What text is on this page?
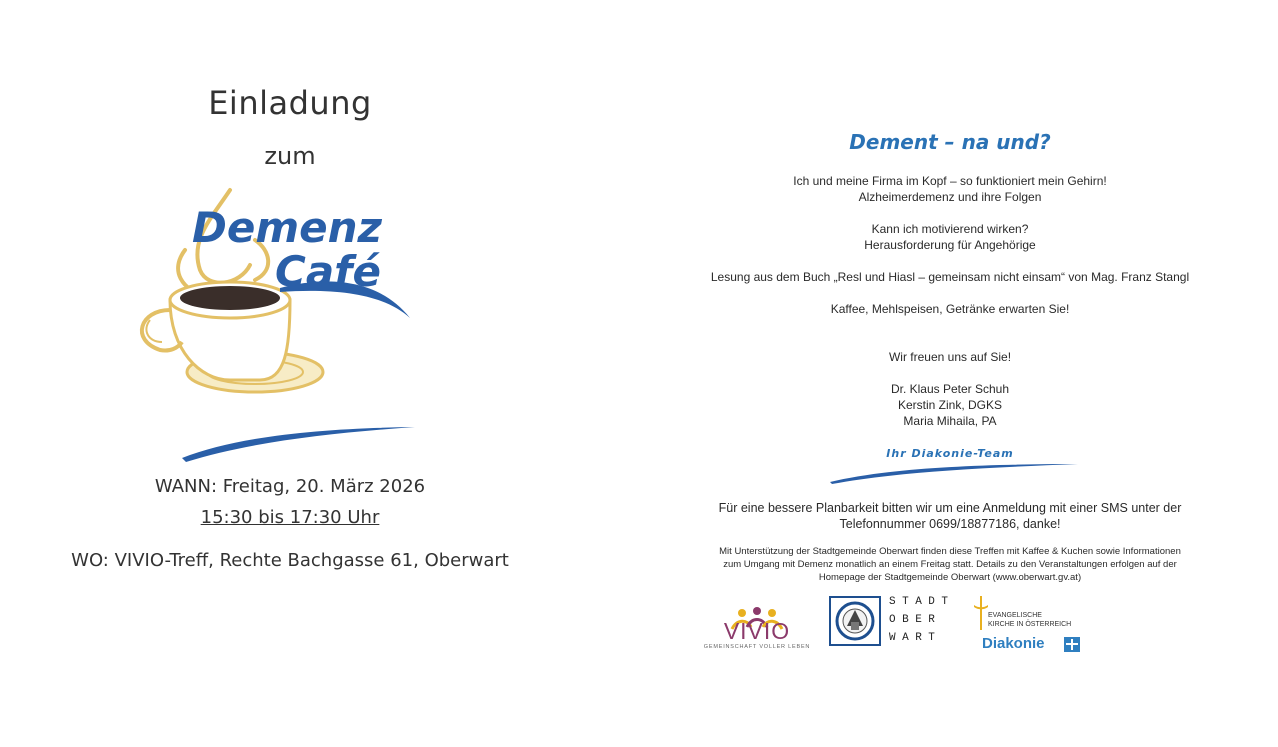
Einladung
zum
Demenz
Café
WANN: Freitag, 20. März 2026
15:30 bis 17:30 Uhr
WO: VIVIO-Treff, Rechte Bachgasse 61, Oberwart
Dement – na und?
Ich und meine Firma im Kopf – so funktioniert mein Gehirn!
Alzheimerdemenz und ihre Folgen
Kann ich motivierend wirken?
Herausforderung für Angehörige
Lesung aus dem Buch „Resl und Hiasl – gemeinsam nicht einsam“ von Mag. Franz Stangl
Kaffee, Mehlspeisen, Getränke erwarten Sie!
Wir freuen uns auf Sie!
Dr. Klaus Peter Schuh
Kerstin Zink, DGKS
Maria Mihaila, PA
Ihr Diakonie-Team
Für eine bessere Planbarkeit bitten wir um eine Anmeldung mit einer SMS unter der
Telefonnummer 0699/18877186, danke!
Mit Unterstützung der Stadtgemeinde Oberwart finden diese Treffen mit Kaffee & Kuchen sowie Informationen
zum Umgang mit Demenz monatlich an einem Freitag statt. Details zu den Veranstaltungen erfolgen auf der
Homepage der Stadtgemeinde Oberwart (www.oberwart.gv.at)
VIVIO
GEMEINSCHAFT VOLLER LEBEN
STADT
OBER
WART
EVANGELISCHE
KIRCHE IN ÖSTERREICH
Diakonie
